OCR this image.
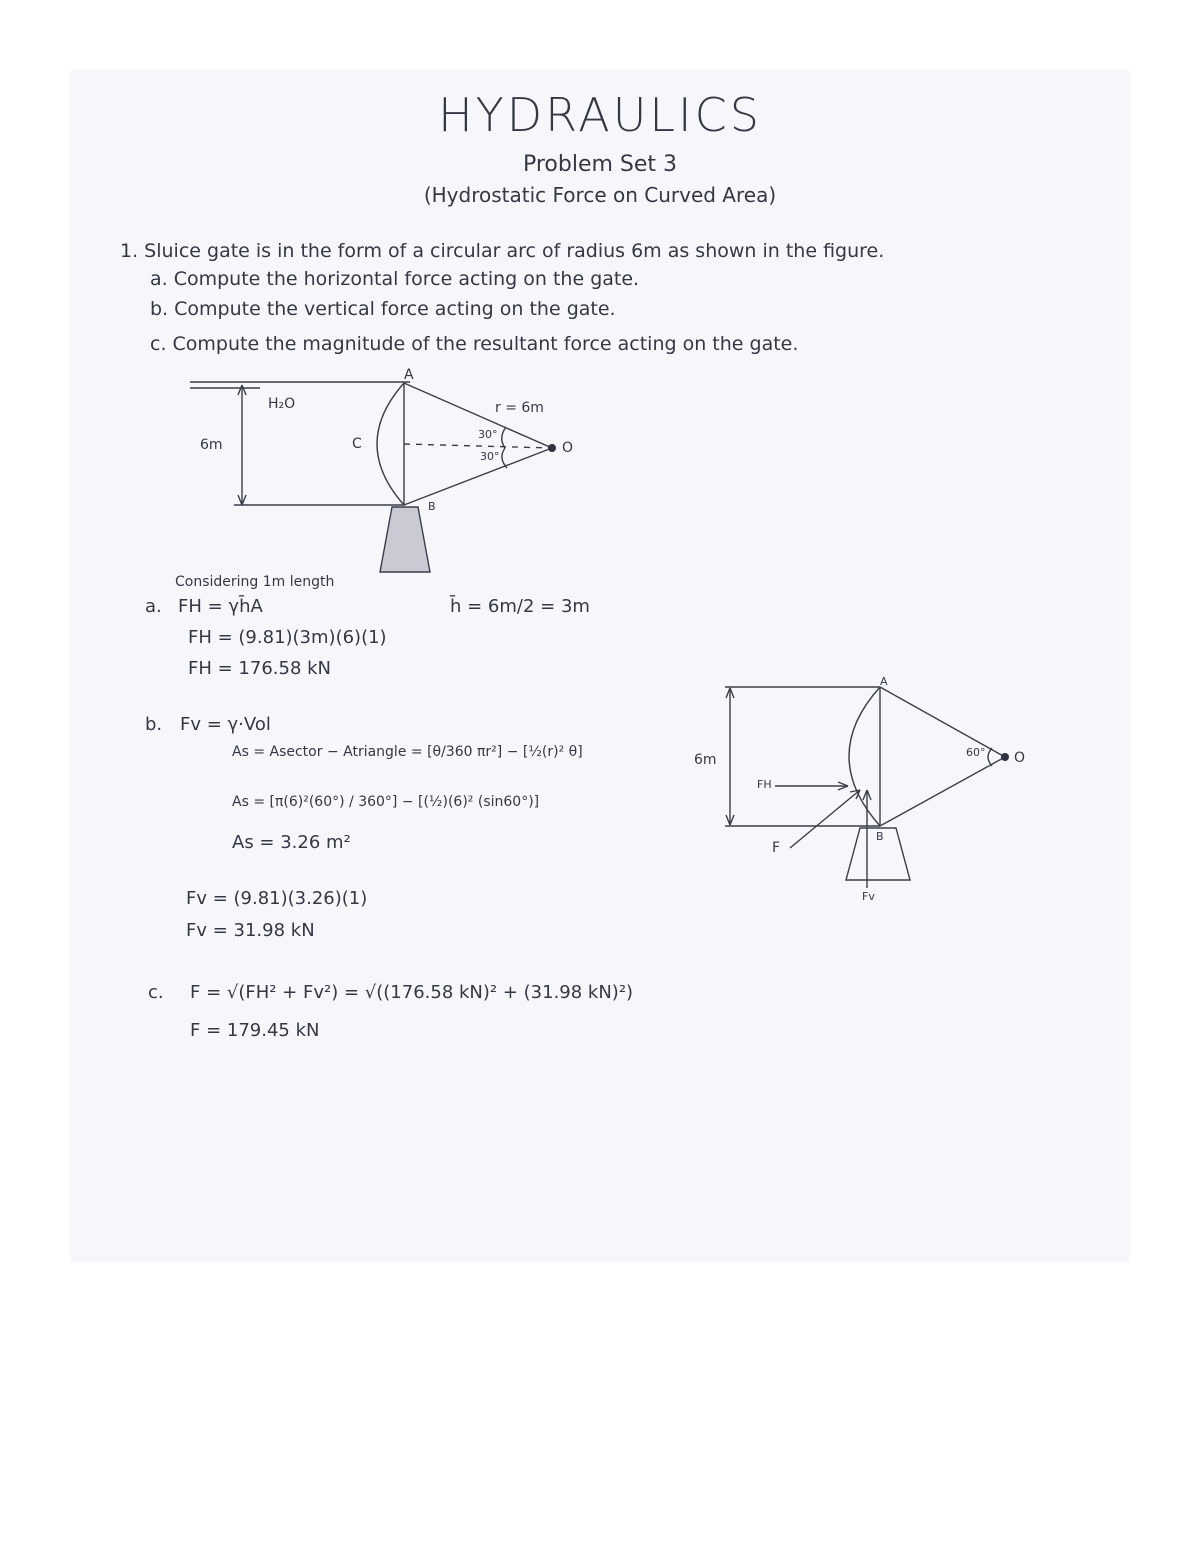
HYDRAULICS
Problem Set 3
(Hydrostatic Force on Curved Area)
1. Sluice gate is in the form of a circular arc of radius 6m as shown in the figure.
a. Compute the horizontal force acting on the gate.
b. Compute the vertical force acting on the gate.
c. Compute the magnitude of the resultant force acting on the gate.
H₂O
6m	C
A
B
r = 6m
30°
30°
O
Considering 1m length
a. FH = γh̄A	h̄ = 6m/2 = 3m
FH = (9.81)(3m)(6)(1)
FH = 176.58 kN
b. Fv = γ·Vol
As = Asector − Atriangle = [θ/360 πr²] − [½(r)² θ]
As = [π(6)²(60°) / 360°] − [(½)(6)² (sin60°)]
As = 3.26 m²
Fv = (9.81)(3.26)(1)
Fv = 31.98 kN
c. F = √(FH² + Fv²) = √((176.58 kN)² + (31.98 kN)²)
F = 179.45 kN
6m	60°
A
B
O
FH
Fv
F
